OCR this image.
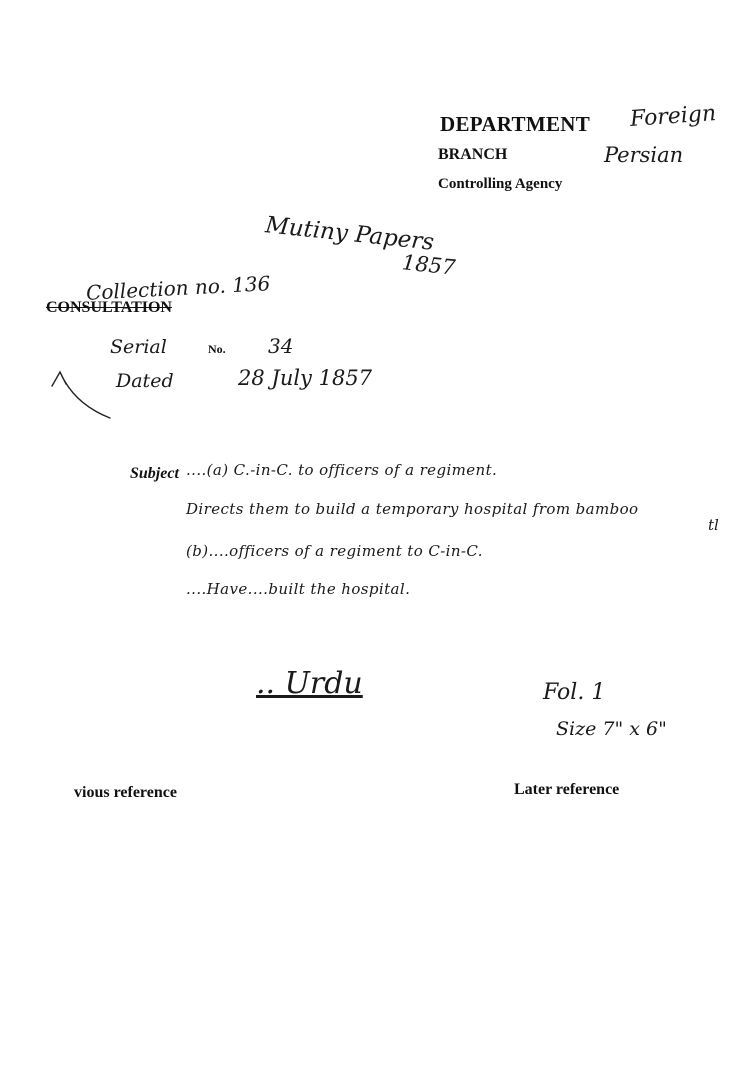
DEPARTMENT Foreign
BRANCH	Persian
Controlling Agency
Mutiny Papers
1857
Collection no. 136
CONSULTATION
Serial	No. 34
Dated	28 July 1857
Subject ....(a) C.-in-C. to officers of a regiment.
Directs them to build a temporary hospital from bamboo
tl
(b)....officers of a regiment to C-in-C.
....Have....built the hospital.
.. Urdu	Fol. 1
Size 7" x 6"
vious reference	Later reference
